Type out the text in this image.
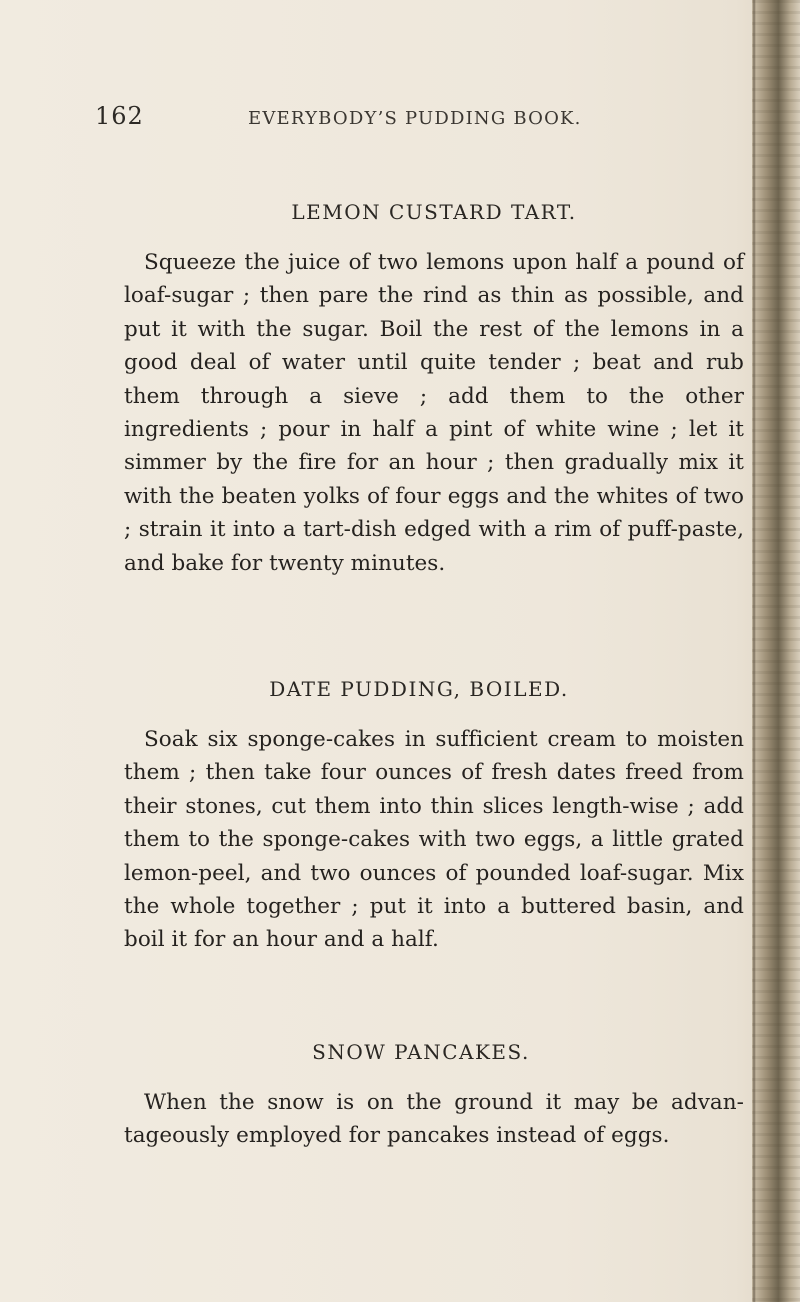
162	EVERYBODY’S PUDDING BOOK.
LEMON CUSTARD TART.

Squeeze the juice of two lemons upon half a pound of loaf-sugar ; then pare the rind as thin as possible, and put it with the sugar. Boil the rest of the lemons in a good deal of water until quite tender ; beat and rub them through a sieve ; add them to the other ingredients ; pour in half a pint of white wine ; let it simmer by the fire for an hour ; then gradually mix it with the beaten yolks of four eggs and the whites of two ; strain it into a tart-dish edged with a rim of puff-paste, and bake for twenty minutes.

DATE PUDDING, BOILED.

Soak six sponge-cakes in sufficient cream to moisten them ; then take four ounces of fresh dates freed from their stones, cut them into thin slices length-wise ; add them to the sponge-cakes with two eggs, a little grated lemon-peel, and two ounces of pounded loaf-sugar. Mix the whole together ; put it into a buttered basin, and boil it for an hour and a half.

SNOW PANCAKES.

When the snow is on the ground it may be advan-tageously employed for pancakes instead of eggs.
